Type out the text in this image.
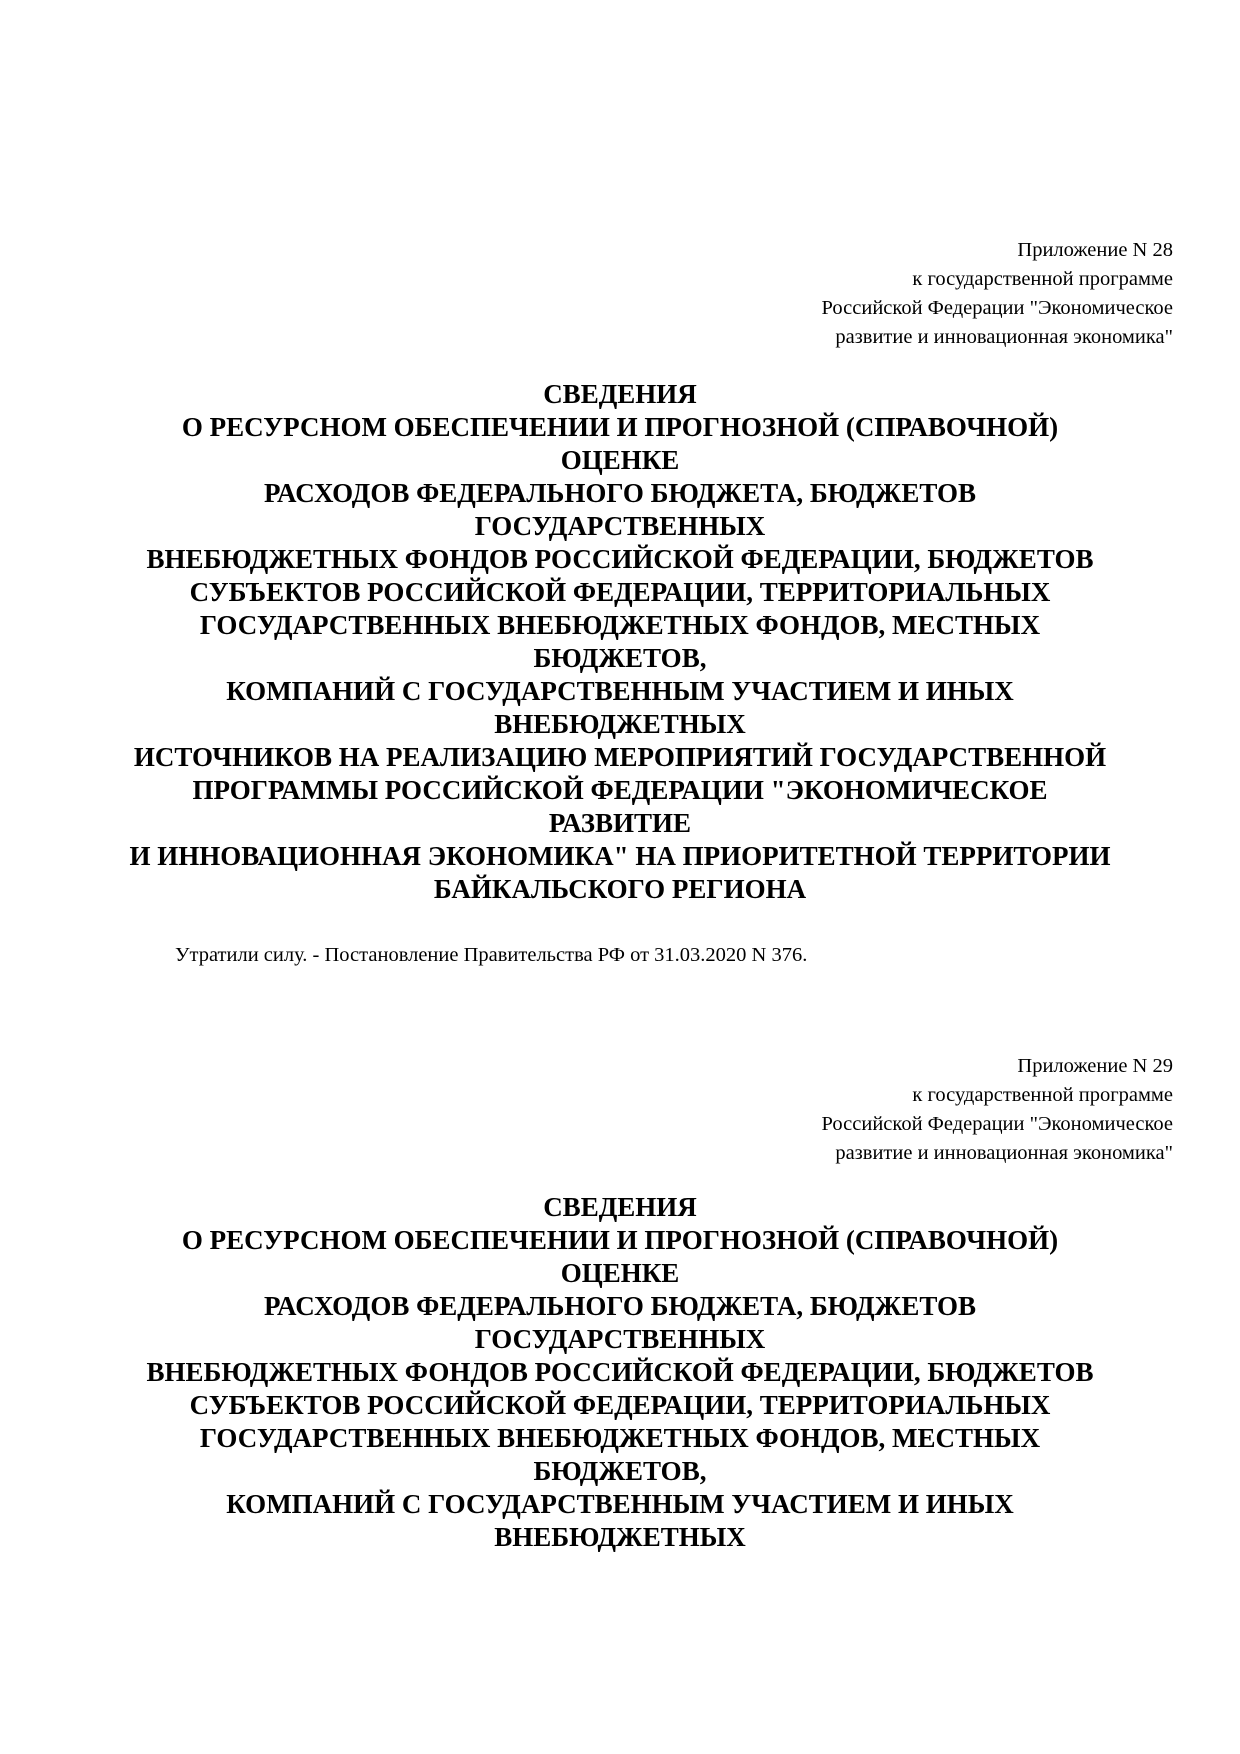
Приложение N 28
к государственной программе
Российской Федерации "Экономическое
развитие и инновационная экономика"
СВЕДЕНИЯ
О РЕСУРСНОМ ОБЕСПЕЧЕНИИ И ПРОГНОЗНОЙ (СПРАВОЧНОЙ)
ОЦЕНКЕ
РАСХОДОВ ФЕДЕРАЛЬНОГО БЮДЖЕТА, БЮДЖЕТОВ
ГОСУДАРСТВЕННЫХ
ВНЕБЮДЖЕТНЫХ ФОНДОВ РОССИЙСКОЙ ФЕДЕРАЦИИ, БЮДЖЕТОВ
СУБЪЕКТОВ РОССИЙСКОЙ ФЕДЕРАЦИИ, ТЕРРИТОРИАЛЬНЫХ
ГОСУДАРСТВЕННЫХ ВНЕБЮДЖЕТНЫХ ФОНДОВ, МЕСТНЫХ
БЮДЖЕТОВ,
КОМПАНИЙ С ГОСУДАРСТВЕННЫМ УЧАСТИЕМ И ИНЫХ
ВНЕБЮДЖЕТНЫХ
ИСТОЧНИКОВ НА РЕАЛИЗАЦИЮ МЕРОПРИЯТИЙ ГОСУДАРСТВЕННОЙ
ПРОГРАММЫ РОССИЙСКОЙ ФЕДЕРАЦИИ "ЭКОНОМИЧЕСКОЕ
РАЗВИТИЕ
И ИННОВАЦИОННАЯ ЭКОНОМИКА" НА ПРИОРИТЕТНОЙ ТЕРРИТОРИИ
БАЙКАЛЬСКОГО РЕГИОНА
Утратили силу. - Постановление Правительства РФ от 31.03.2020 N 376.
Приложение N 29
к государственной программе
Российской Федерации "Экономическое
развитие и инновационная экономика"
СВЕДЕНИЯ
О РЕСУРСНОМ ОБЕСПЕЧЕНИИ И ПРОГНОЗНОЙ (СПРАВОЧНОЙ)
ОЦЕНКЕ
РАСХОДОВ ФЕДЕРАЛЬНОГО БЮДЖЕТА, БЮДЖЕТОВ
ГОСУДАРСТВЕННЫХ
ВНЕБЮДЖЕТНЫХ ФОНДОВ РОССИЙСКОЙ ФЕДЕРАЦИИ, БЮДЖЕТОВ
СУБЪЕКТОВ РОССИЙСКОЙ ФЕДЕРАЦИИ, ТЕРРИТОРИАЛЬНЫХ
ГОСУДАРСТВЕННЫХ ВНЕБЮДЖЕТНЫХ ФОНДОВ, МЕСТНЫХ
БЮДЖЕТОВ,
КОМПАНИЙ С ГОСУДАРСТВЕННЫМ УЧАСТИЕМ И ИНЫХ
ВНЕБЮДЖЕТНЫХ
